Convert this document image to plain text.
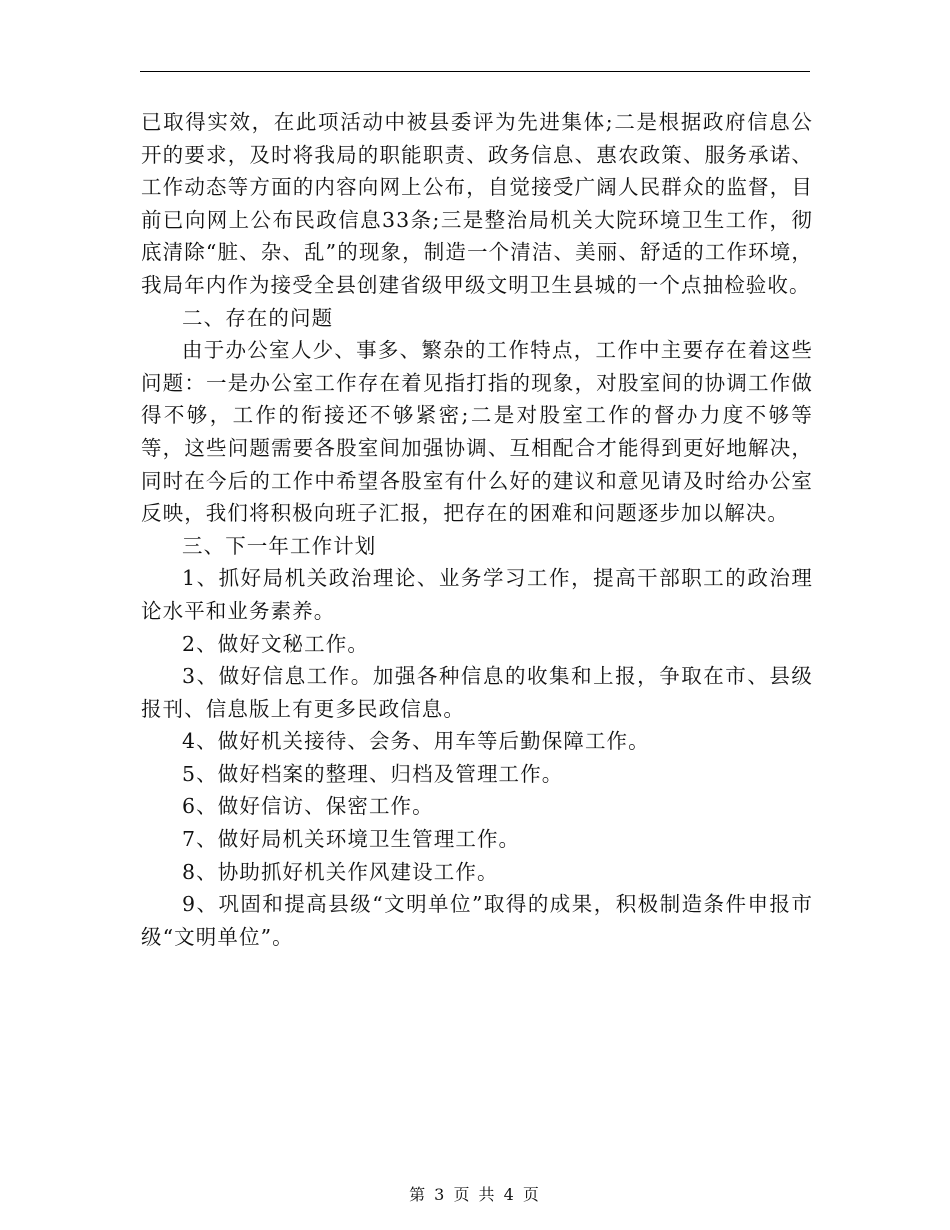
已取得实效，在此项活动中被县委评为先进集体;二是根据政府信息公开的要求，及时将我局的职能职责、政务信息、惠农政策、服务承诺、工作动态等方面的内容向网上公布，自觉接受广阔人民群众的监督，目前已向网上公布民政信息33条;三是整治局机关大院环境卫生工作，彻底清除“脏、杂、乱”的现象，制造一个清洁、美丽、舒适的工作环境，我局年内作为接受全县创建省级甲级文明卫生县城的一个点抽检验收。

二、存在的问题

由于办公室人少、事多、繁杂的工作特点，工作中主要存在着这些问题：一是办公室工作存在着见指打指的现象，对股室间的协调工作做得不够，工作的衔接还不够紧密;二是对股室工作的督办力度不够等等，这些问题需要各股室间加强协调、互相配合才能得到更好地解决，同时在今后的工作中希望各股室有什么好的建议和意见请及时给办公室反映，我们将积极向班子汇报，把存在的困难和问题逐步加以解决。

三、下一年工作计划

1、抓好局机关政治理论、业务学习工作，提高干部职工的政治理论水平和业务素养。

2、做好文秘工作。

3、做好信息工作。加强各种信息的收集和上报，争取在市、县级报刊、信息版上有更多民政信息。

4、做好机关接待、会务、用车等后勤保障工作。

5、做好档案的整理、归档及管理工作。

6、做好信访、保密工作。

7、做好局机关环境卫生管理工作。

8、协助抓好机关作风建设工作。

9、巩固和提高县级“文明单位”取得的成果，积极制造条件申报市级“文明单位”。

第 3 页 共 4 页
